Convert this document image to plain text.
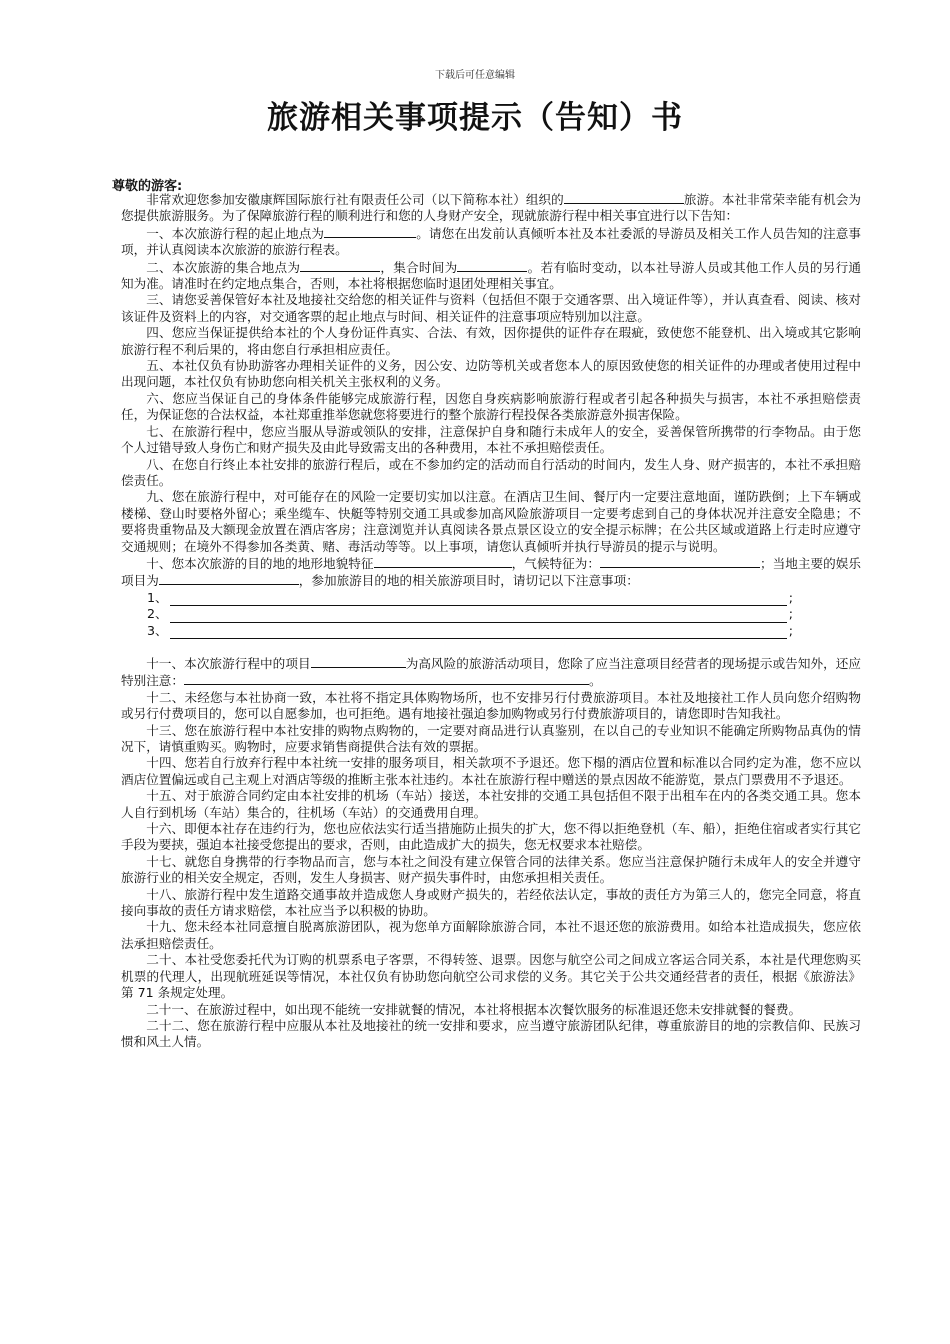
下载后可任意编辑
旅游相关事项提示（告知）书
尊敬的游客:

非常欢迎您参加安徽康辉国际旅行社有限责任公司（以下简称本社）组织的	旅游。本社非常荣幸能有机会为您提供旅游服务。为了保障旅游行程的顺利进行和您的人身财产安全，现就旅游行程中相关事宜进行以下告知：

一、本次旅游行程的起止地点为	。请您在出发前认真倾听本社及本社委派的导游员及相关工作人员告知的注意事项，并认真阅读本次旅游的旅游行程表。

二、本次旅游的集合地点为	，集合时间为	。若有临时变动，以本社导游人员或其他工作人员的另行通知为准。请准时在约定地点集合，否则，本社将根据您临时退团处理相关事宜。

三、请您妥善保管好本社及地接社交给您的相关证件与资料（包括但不限于交通客票、出入境证件等），并认真查看、阅读、核对该证件及资料上的内容，对交通客票的起止地点与时间、相关证件的注意事项应特别加以注意。

四、您应当保证提供给本社的个人身份证件真实、合法、有效，因你提供的证件存在瑕疵，致使您不能登机、出入境或其它影响旅游行程不利后果的，将由您自行承担相应责任。

五、本社仅负有协助游客办理相关证件的义务，因公安、边防等机关或者您本人的原因致使您的相关证件的办理或者使用过程中出现问题，本社仅负有协助您向相关机关主张权利的义务。

六、您应当保证自己的身体条件能够完成旅游行程，因您自身疾病影响旅游行程或者引起各种损失与损害，本社不承担赔偿责任，为保证您的合法权益，本社郑重推举您就您将要进行的整个旅游行程投保各类旅游意外损害保险。

七、在旅游行程中，您应当服从导游或领队的安排，注意保护自身和随行未成年人的安全，妥善保管所携带的行李物品。由于您个人过错导致人身伤亡和财产损失及由此导致需支出的各种费用，本社不承担赔偿责任。

八、在您自行终止本社安排的旅游行程后，或在不参加约定的活动而自行活动的时间内，发生人身、财产损害的，本社不承担赔偿责任。

九、您在旅游行程中，对可能存在的风险一定要切实加以注意。在酒店卫生间、餐厅内一定要注意地面，谨防跌倒；上下车辆或楼梯、登山时要格外留心；乘坐缆车、快艇等特别交通工具或参加高风险旅游项目一定要考虑到自己的身体状况并注意安全隐患；不要将贵重物品及大额现金放置在酒店客房；注意浏览并认真阅读各景点景区设立的安全提示标牌；在公共区域或道路上行走时应遵守交通规则；在境外不得参加各类黄、赌、毒活动等等。以上事项，请您认真倾听并执行导游员的提示与说明。

十、您本次旅游的目的地的地形地貌特征	，气候特征为：	；当地主要的娱乐项目为	，参加旅游目的地的相关旅游项目时，请切记以下注意事项：

1、	;
2、	;
3、	;

十一、本次旅游行程中的项目	为高风险的旅游活动项目，您除了应当注意项目经营者的现场提示或告知外，还应特别注意：	。

十二、未经您与本社协商一致，本社将不指定具体购物场所，也不安排另行付费旅游项目。本社及地接社工作人员向您介绍购物或另行付费项目的，您可以自愿参加，也可拒绝。遇有地接社强迫参加购物或另行付费旅游项目的，请您即时告知我社。

十三、您在旅游行程中本社安排的购物点购物的，一定要对商品进行认真鉴别，在以自己的专业知识不能确定所购物品真伪的情况下，请慎重购买。购物时，应要求销售商提供合法有效的票据。

十四、您若自行放弃行程中本社统一安排的服务项目，相关款项不予退还。您下榻的酒店位置和标准以合同约定为准，您不应以酒店位置偏远或自己主观上对酒店等级的推断主张本社违约。本社在旅游行程中赠送的景点因故不能游览，景点门票费用不予退还。

十五、对于旅游合同约定由本社安排的机场（车站）接送，本社安排的交通工具包括但不限于出租车在内的各类交通工具。您本人自行到机场（车站）集合的，往机场（车站）的交通费用自理。

十六、即便本社存在违约行为，您也应依法实行适当措施防止损失的扩大，您不得以拒绝登机（车、船），拒绝住宿或者实行其它手段为要挟，强迫本社接受您提出的要求，否则，由此造成扩大的损失，您无权要求本社赔偿。

十七、就您自身携带的行李物品而言，您与本社之间没有建立保管合同的法律关系。您应当注意保护随行未成年人的安全并遵守旅游行业的相关安全规定，否则，发生人身损害、财产损失事件时，由您承担相关责任。

十八、旅游行程中发生道路交通事故并造成您人身或财产损失的，若经依法认定，事故的责任方为第三人的，您完全同意，将直接向事故的责任方请求赔偿，本社应当予以积极的协助。

十九、您未经本社同意擅自脱离旅游团队，视为您单方面解除旅游合同，本社不退还您的旅游费用。如给本社造成损失，您应依法承担赔偿责任。

二十、本社受您委托代为订购的机票系电子客票，不得转签、退票。因您与航空公司之间成立客运合同关系，本社是代理您购买机票的代理人，出现航班延误等情况，本社仅负有协助您向航空公司求偿的义务。其它关于公共交通经营者的责任，根据《旅游法》第 71 条规定处理。

二十一、在旅游过程中，如出现不能统一安排就餐的情况，本社将根据本次餐饮服务的标准退还您未安排就餐的餐费。

二十二、您在旅游行程中应服从本社及地接社的统一安排和要求，应当遵守旅游团队纪律，尊重旅游目的地的宗教信仰、民族习惯和风土人情。
